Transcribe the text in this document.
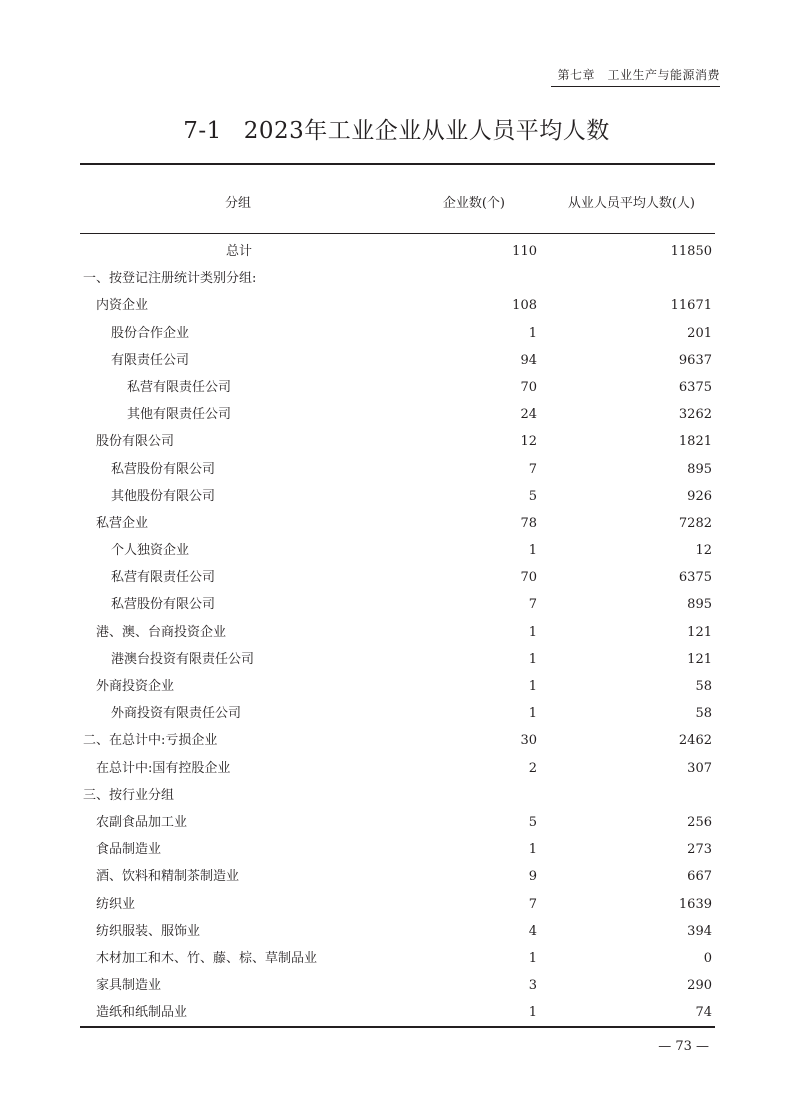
第七章　工业生产与能源消费
7-1 2023年工业企业从业人员平均人数
分组	企业数(个)	从业人员平均人数(人)
总计	110	11850
一、按登记注册统计类别分组:
内资企业	108	11671
股份合作企业	1	201
有限责任公司	94	9637
私营有限责任公司	70	6375
其他有限责任公司	24	3262
股份有限公司	12	1821
私营股份有限公司	7	895
其他股份有限公司	5	926
私营企业	78	7282
个人独资企业	1	12
私营有限责任公司	70	6375
私营股份有限公司	7	895
港、澳、台商投资企业	1	121
港澳台投资有限责任公司	1	121
外商投资企业	1	58
外商投资有限责任公司	1	58
二、在总计中:亏损企业	30	2462
在总计中:国有控股企业	2	307
三、按行业分组
农副食品加工业	5	256
食品制造业	1	273
酒、饮料和精制茶制造业	9	667
纺织业	7	1639
纺织服装、服饰业	4	394
木材加工和木、竹、藤、棕、草制品业	1	0
家具制造业	3	290
造纸和纸制品业	1	74
— 73 —
